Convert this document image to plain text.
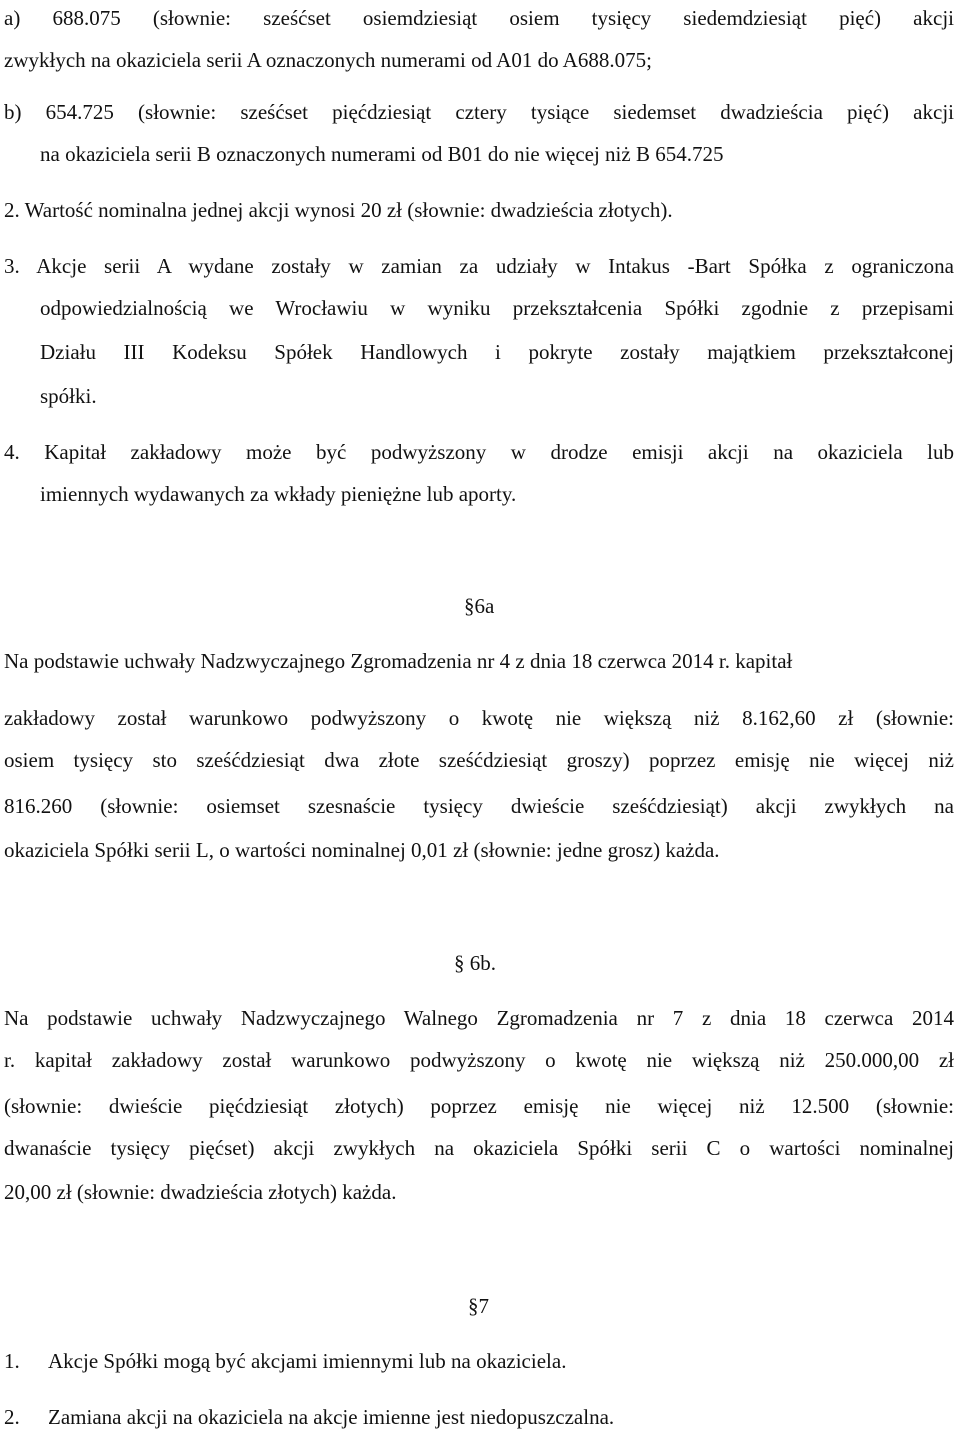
a) 688.075 (słownie: sześćset osiemdziesiąt osiem tysięcy siedemdziesiąt pięć) akcji
zwykłych na okaziciela serii A oznaczonych numerami od A01 do A688.075;
b) 654.725 (słownie: sześćset pięćdziesiąt cztery tysiące siedemset dwadzieścia pięć) akcji
na okaziciela serii B oznaczonych numerami od B01 do nie więcej niż B 654.725
2. Wartość nominalna jednej akcji wynosi 20 zł (słownie: dwadzieścia złotych).
3. Akcje serii A wydane zostały w zamian za udziały w Intakus -Bart Spółka z ograniczona
odpowiedzialnością we Wrocławiu w wyniku przekształcenia Spółki zgodnie z przepisami
Działu III Kodeksu Spółek Handlowych i pokryte zostały majątkiem przekształconej
spółki.
4. Kapitał zakładowy może być podwyższony w drodze emisji akcji na okaziciela lub
imiennych wydawanych za wkłady pieniężne lub aporty.
§6a
Na podstawie uchwały Nadzwyczajnego Zgromadzenia nr 4 z dnia 18 czerwca 2014 r. kapitał
zakładowy został warunkowo podwyższony o kwotę nie większą niż 8.162,60 zł (słownie:
osiem tysięcy sto sześćdziesiąt dwa złote sześćdziesiąt groszy) poprzez emisję nie więcej niż
816.260 (słownie: osiemset szesnaście tysięcy dwieście sześćdziesiąt) akcji zwykłych na
okaziciela Spółki serii L, o wartości nominalnej 0,01 zł (słownie: jedne grosz) każda.
§ 6b.
Na podstawie uchwały Nadzwyczajnego Walnego Zgromadzenia nr 7 z dnia 18 czerwca 2014
r. kapitał zakładowy został warunkowo podwyższony o kwotę nie większą niż 250.000,00 zł
(słownie: dwieście pięćdziesiąt złotych) poprzez emisję nie więcej niż 12.500 (słownie:
dwanaście tysięcy pięćset) akcji zwykłych na okaziciela Spółki serii C o wartości nominalnej
20,00 zł (słownie: dwadzieścia złotych) każda.
§7
1.	Akcje Spółki mogą być akcjami imiennymi lub na okaziciela.
2.	Zamiana akcji na okaziciela na akcje imienne jest niedopuszczalna.
